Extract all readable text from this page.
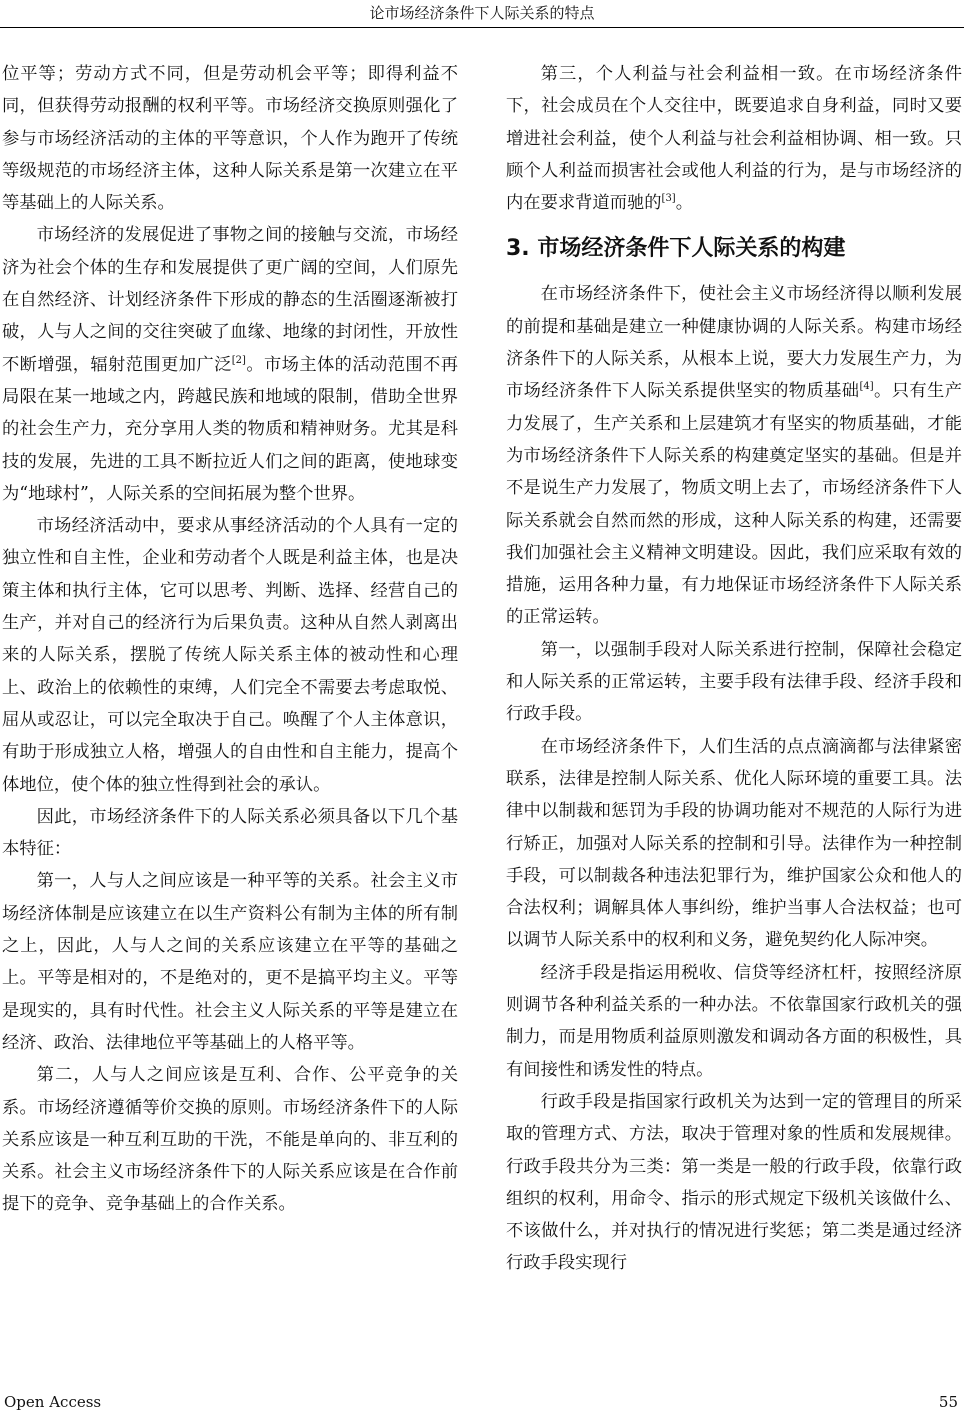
论市场经济条件下人际关系的特点

位平等；劳动方式不同，但是劳动机会平等；即得利益不同，但获得劳动报酬的权利平等。市场经济交换原则强化了参与市场经济活动的主体的平等意识，个人作为跑开了传统等级规范的市场经济主体，这种人际关系是第一次建立在平等基础上的人际关系。

市场经济的发展促进了事物之间的接触与交流，市场经济为社会个体的生存和发展提供了更广阔的空间，人们原先在自然经济、计划经济条件下形成的静态的生活圈逐渐被打破，人与人之间的交往突破了血缘、地缘的封闭性，开放性不断增强，辐射范围更加广泛[2]。市场主体的活动范围不再局限在某一地域之内，跨越民族和地域的限制，借助全世界的社会生产力，充分享用人类的物质和精神财务。尤其是科技的发展，先进的工具不断拉近人们之间的距离，使地球变为“地球村”，人际关系的空间拓展为整个世界。

市场经济活动中，要求从事经济活动的个人具有一定的独立性和自主性，企业和劳动者个人既是利益主体，也是决策主体和执行主体，它可以思考、判断、选择、经营自己的生产，并对自己的经济行为后果负责。这种从自然人剥离出来的人际关系，摆脱了传统人际关系主体的被动性和心理上、政治上的依赖性的束缚，人们完全不需要去考虑取悦、屈从或忍让，可以完全取决于自己。唤醒了个人主体意识，有助于形成独立人格，增强人的自由性和自主能力，提高个体地位，使个体的独立性得到社会的承认。

因此，市场经济条件下的人际关系必须具备以下几个基本特征：

第一，人与人之间应该是一种平等的关系。社会主义市场经济体制是应该建立在以生产资料公有制为主体的所有制之上，因此，人与人之间的关系应该建立在平等的基础之上。平等是相对的，不是绝对的，更不是搞平均主义。平等是现实的，具有时代性。社会主义人际关系的平等是建立在经济、政治、法律地位平等基础上的人格平等。

第二，人与人之间应该是互利、合作、公平竞争的关系。市场经济遵循等价交换的原则。市场经济条件下的人际关系应该是一种互利互助的干洗，不能是单向的、非互利的关系。社会主义市场经济条件下的人际关系应该是在合作前提下的竞争、竞争基础上的合作关系。

第三，个人利益与社会利益相一致。在市场经济条件下，社会成员在个人交往中，既要追求自身利益，同时又要增进社会利益，使个人利益与社会利益相协调、相一致。只顾个人利益而损害社会或他人利益的行为，是与市场经济的内在要求背道而驰的[3]。

3. 市场经济条件下人际关系的构建

在市场经济条件下，使社会主义市场经济得以顺利发展的前提和基础是建立一种健康协调的人际关系。构建市场经济条件下的人际关系，从根本上说，要大力发展生产力，为市场经济条件下人际关系提供坚实的物质基础[4]。只有生产力发展了，生产关系和上层建筑才有坚实的物质基础，才能为市场经济条件下人际关系的构建奠定坚实的基础。但是并不是说生产力发展了，物质文明上去了，市场经济条件下人际关系就会自然而然的形成，这种人际关系的构建，还需要我们加强社会主义精神文明建设。因此，我们应采取有效的措施，运用各种力量，有力地保证市场经济条件下人际关系的正常运转。

第一，以强制手段对人际关系进行控制，保障社会稳定和人际关系的正常运转，主要手段有法律手段、经济手段和行政手段。

在市场经济条件下，人们生活的点点滴滴都与法律紧密联系，法律是控制人际关系、优化人际环境的重要工具。法律中以制裁和惩罚为手段的协调功能对不规范的人际行为进行矫正，加强对人际关系的控制和引导。法律作为一种控制手段，可以制裁各种违法犯罪行为，维护国家公众和他人的合法权利；调解具体人事纠纷，维护当事人合法权益；也可以调节人际关系中的权利和义务，避免契约化人际冲突。

经济手段是指运用税收、信贷等经济杠杆，按照经济原则调节各种利益关系的一种办法。不依靠国家行政机关的强制力，而是用物质利益原则激发和调动各方面的积极性，具有间接性和诱发性的特点。

行政手段是指国家行政机关为达到一定的管理目的所采取的管理方式、方法，取决于管理对象的性质和发展规律。行政手段共分为三类：第一类是一般的行政手段，依靠行政组织的权利，用命令、指示的形式规定下级机关该做什么、不该做什么，并对执行的情况进行奖惩；第二类是通过经济行政手段实现行

Open Access	55
